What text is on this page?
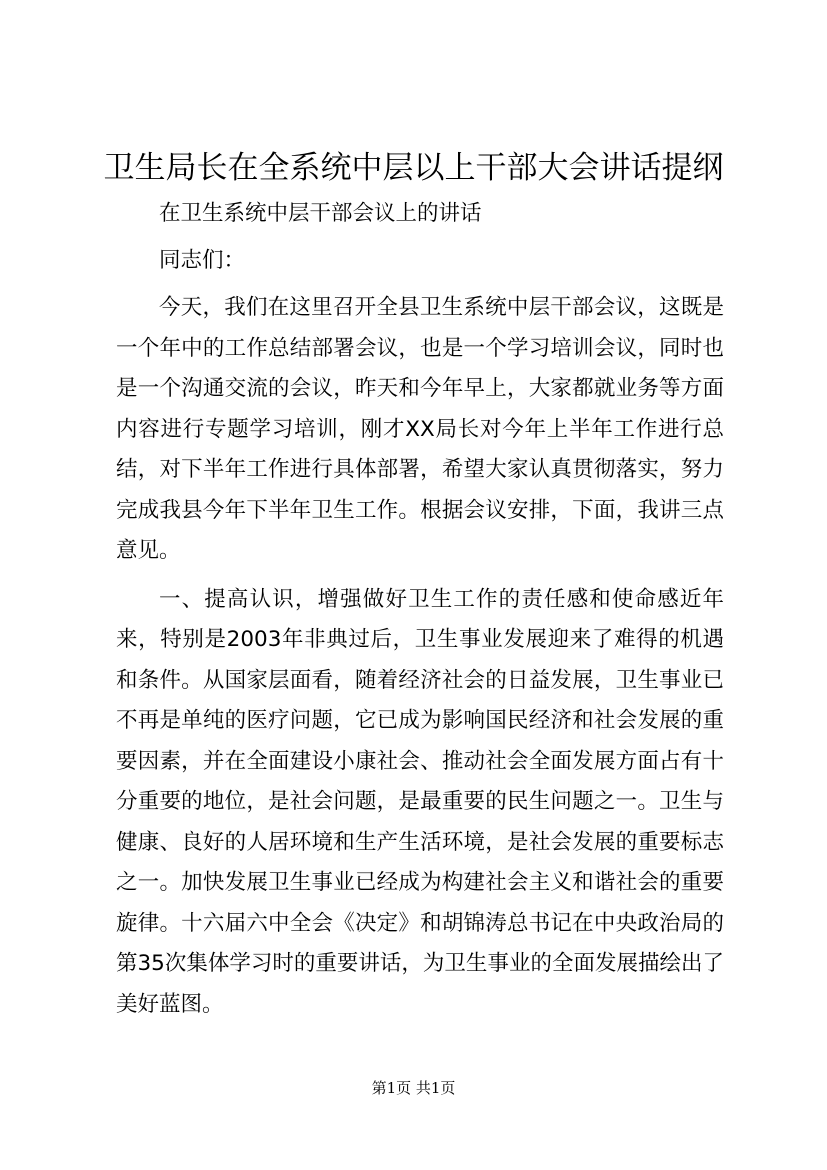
卫生局长在全系统中层以上干部大会讲话提纲

在卫生系统中层干部会议上的讲话

同志们：

今天，我们在这里召开全县卫生系统中层干部会议，这既是一个年中的工作总结部署会议，也是一个学习培训会议，同时也是一个沟通交流的会议，昨天和今年早上，大家都就业务等方面内容进行专题学习培训，刚才XX局长对今年上半年工作进行总结，对下半年工作进行具体部署，希望大家认真贯彻落实，努力完成我县今年下半年卫生工作。根据会议安排，下面，我讲三点意见。

一、提高认识，增强做好卫生工作的责任感和使命感近年来，特别是2003年非典过后，卫生事业发展迎来了难得的机遇和条件。从国家层面看，随着经济社会的日益发展，卫生事业已不再是单纯的医疗问题，它已成为影响国民经济和社会发展的重要因素，并在全面建设小康社会、推动社会全面发展方面占有十分重要的地位，是社会问题，是最重要的民生问题之一。卫生与健康、良好的人居环境和生产生活环境，是社会发展的重要标志之一。加快发展卫生事业已经成为构建社会主义和谐社会的重要旋律。十六届六中全会《决定》和胡锦涛总书记在中央政治局的第35次集体学习时的重要讲话，为卫生事业的全面发展描绘出了美好蓝图。

第1页 共1页
